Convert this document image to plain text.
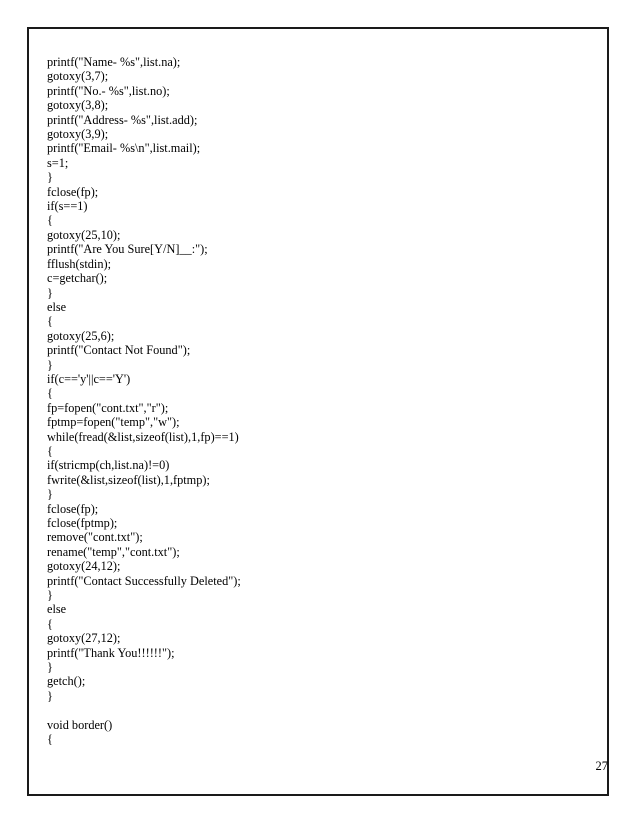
printf("Name- %s",list.na);
gotoxy(3,7);
printf("No.- %s",list.no);
gotoxy(3,8);
printf("Address- %s",list.add);
gotoxy(3,9);
printf("Email- %s\n",list.mail);
s=1;
}
fclose(fp);
if(s==1)
{
gotoxy(25,10);
printf("Are You Sure[Y/N]__:");
fflush(stdin);
c=getchar();
}
else
{
gotoxy(25,6);
printf("Contact Not Found");
}
if(c=='y'||c=='Y')
{
fp=fopen("cont.txt","r");
fptmp=fopen("temp","w");
while(fread(&list,sizeof(list),1,fp)==1)
{
if(stricmp(ch,list.na)!=0)
fwrite(&list,sizeof(list),1,fptmp);
}
fclose(fp);
fclose(fptmp);
remove("cont.txt");
rename("temp","cont.txt");
gotoxy(24,12);
printf("Contact Successfully Deleted");
}
else
{
gotoxy(27,12);
printf("Thank You!!!!!!");
}
getch();
}
void border()
{
27
